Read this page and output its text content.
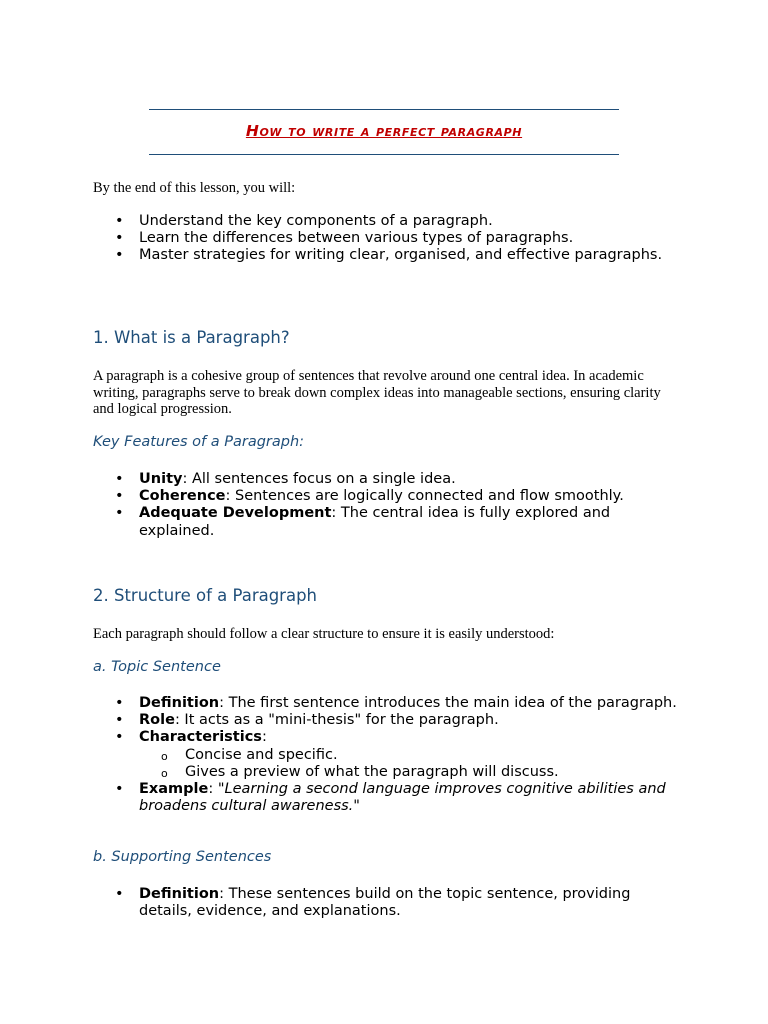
How to write a perfect paragraph
By the end of this lesson, you will:
• Understand the key components of a paragraph.
• Learn the differences between various types of paragraphs.
• Master strategies for writing clear, organised, and effective paragraphs.
1. What is a Paragraph?
A paragraph is a cohesive group of sentences that revolve around one central idea. In academic writing, paragraphs serve to break down complex ideas into manageable sections, ensuring clarity and logical progression.
Key Features of a Paragraph:
• Unity: All sentences focus on a single idea.
• Coherence: Sentences are logically connected and flow smoothly.
• Adequate Development: The central idea is fully explored and explained.
2. Structure of a Paragraph
Each paragraph should follow a clear structure to ensure it is easily understood:
a. Topic Sentence
• Definition: The first sentence introduces the main idea of the paragraph.
• Role: It acts as a "mini-thesis" for the paragraph.
• Characteristics:
o Concise and specific.
o Gives a preview of what the paragraph will discuss.
• Example: "Learning a second language improves cognitive abilities and broadens cultural awareness."
b. Supporting Sentences
• Definition: These sentences build on the topic sentence, providing details, evidence, and explanations.
